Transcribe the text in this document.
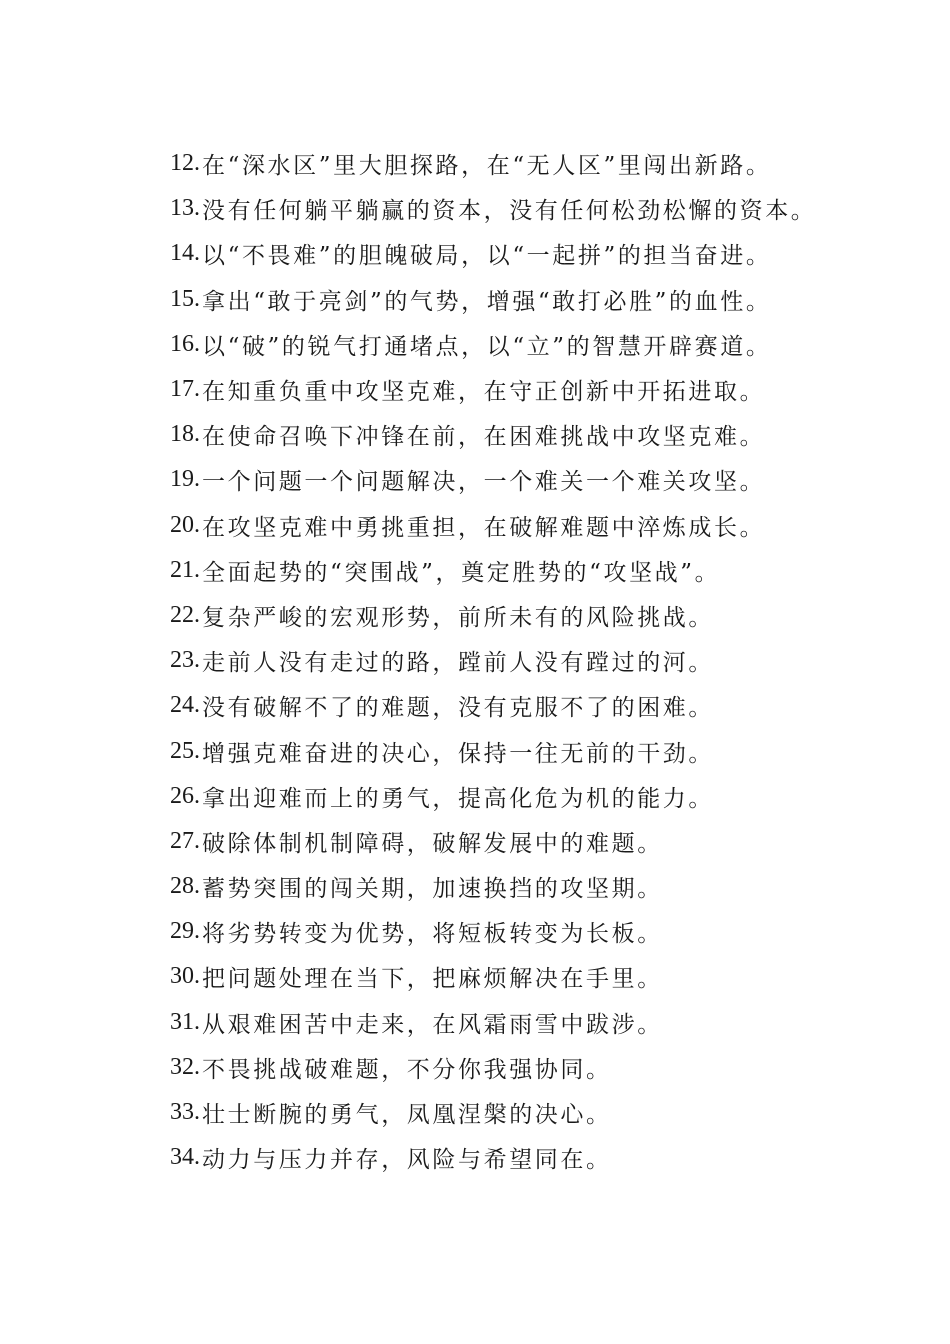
12. 在“深水区”里大胆探路，在“无人区”里闯出新路。
13. 没有任何躺平躺赢的资本，没有任何松劲松懈的资本。
14. 以“不畏难”的胆魄破局，以“一起拼”的担当奋进。
15. 拿出“敢于亮剑”的气势，增强“敢打必胜”的血性。
16. 以“破”的锐气打通堵点，以“立”的智慧开辟赛道。
17. 在知重负重中攻坚克难，在守正创新中开拓进取。
18. 在使命召唤下冲锋在前，在困难挑战中攻坚克难。
19. 一个问题一个问题解决，一个难关一个难关攻坚。
20. 在攻坚克难中勇挑重担，在破解难题中淬炼成长。
21. 全面起势的“突围战”，奠定胜势的“攻坚战”。
22. 复杂严峻的宏观形势，前所未有的风险挑战。
23. 走前人没有走过的路，蹚前人没有蹚过的河。
24. 没有破解不了的难题，没有克服不了的困难。
25. 增强克难奋进的决心，保持一往无前的干劲。
26. 拿出迎难而上的勇气，提高化危为机的能力。
27. 破除体制机制障碍，破解发展中的难题。
28. 蓄势突围的闯关期，加速换挡的攻坚期。
29. 将劣势转变为优势，将短板转变为长板。
30. 把问题处理在当下，把麻烦解决在手里。
31. 从艰难困苦中走来，在风霜雨雪中跋涉。
32. 不畏挑战破难题，不分你我强协同。
33. 壮士断腕的勇气，凤凰涅槃的决心。
34. 动力与压力并存，风险与希望同在。
